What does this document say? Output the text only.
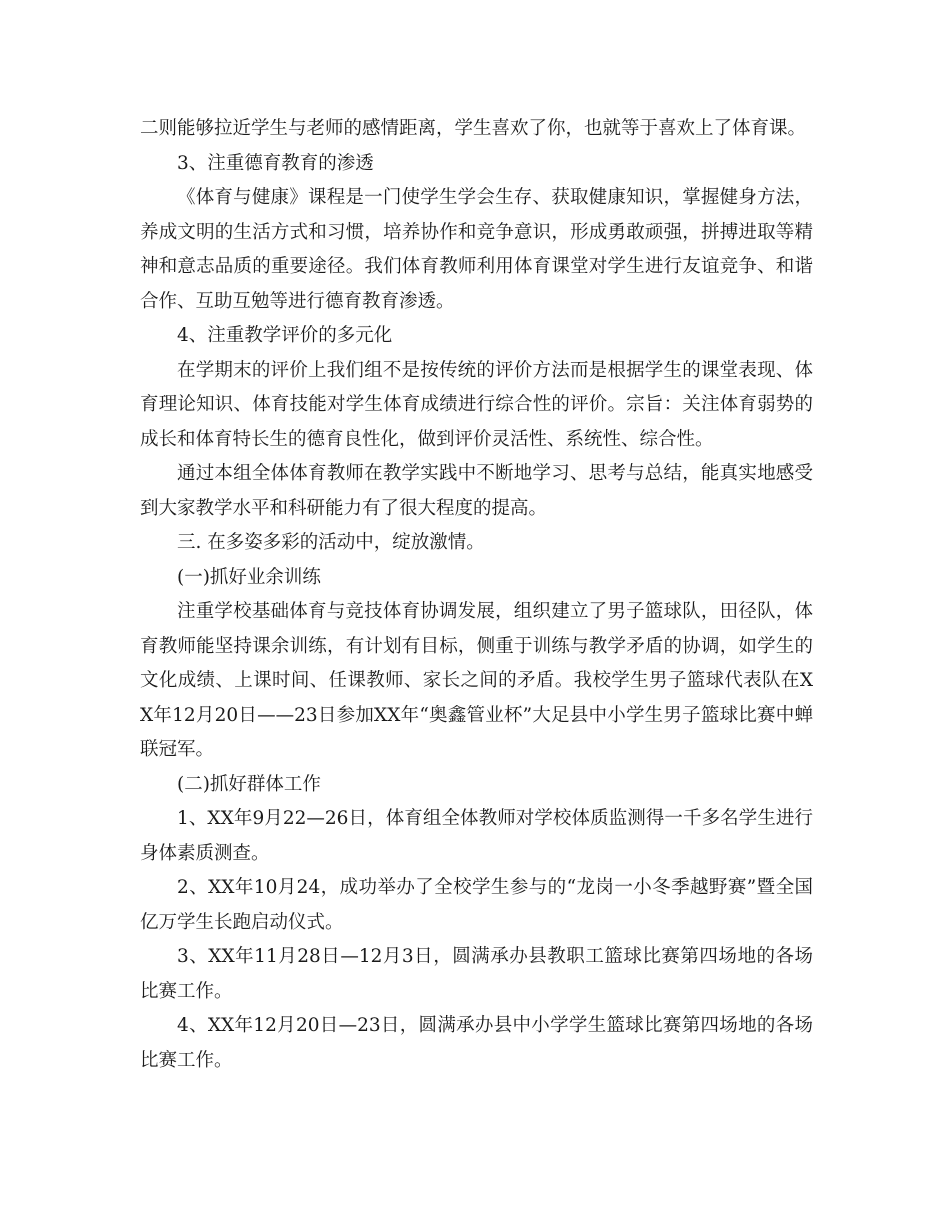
二则能够拉近学生与老师的感情距离，学生喜欢了你，也就等于喜欢上了体育课。

3、注重德育教育的渗透

《体育与健康》课程是一门使学生学会生存、获取健康知识，掌握健身方法，养成文明的生活方式和习惯，培养协作和竞争意识，形成勇敢顽强，拼搏进取等精神和意志品质的重要途径。我们体育教师利用体育课堂对学生进行友谊竞争、和谐合作、互助互勉等进行德育教育渗透。

4、注重教学评价的多元化

在学期末的评价上我们组不是按传统的评价方法而是根据学生的课堂表现、体育理论知识、体育技能对学生体育成绩进行综合性的评价。宗旨：关注体育弱势的成长和体育特长生的德育良性化，做到评价灵活性、系统性、综合性。

通过本组全体体育教师在教学实践中不断地学习、思考与总结，能真实地感受到大家教学水平和科研能力有了很大程度的提高。

三. 在多姿多彩的活动中，绽放激情。

(一)抓好业余训练

注重学校基础体育与竞技体育协调发展，组织建立了男子篮球队，田径队，体育教师能坚持课余训练，有计划有目标，侧重于训练与教学矛盾的协调，如学生的文化成绩、上课时间、任课教师、家长之间的矛盾。我校学生男子篮球代表队在XX年12月20日——23日参加XX年“奥鑫管业杯”大足县中小学生男子篮球比赛中蝉联冠军。

(二)抓好群体工作

1、XX年9月22—26日，体育组全体教师对学校体质监测得一千多名学生进行身体素质测查。

2、XX年10月24，成功举办了全校学生参与的“龙岗一小冬季越野赛”暨全国亿万学生长跑启动仪式。

3、XX年11月28日—12月3日，圆满承办县教职工篮球比赛第四场地的各场比赛工作。

4、XX年12月20日—23日，圆满承办县中小学学生篮球比赛第四场地的各场比赛工作。
